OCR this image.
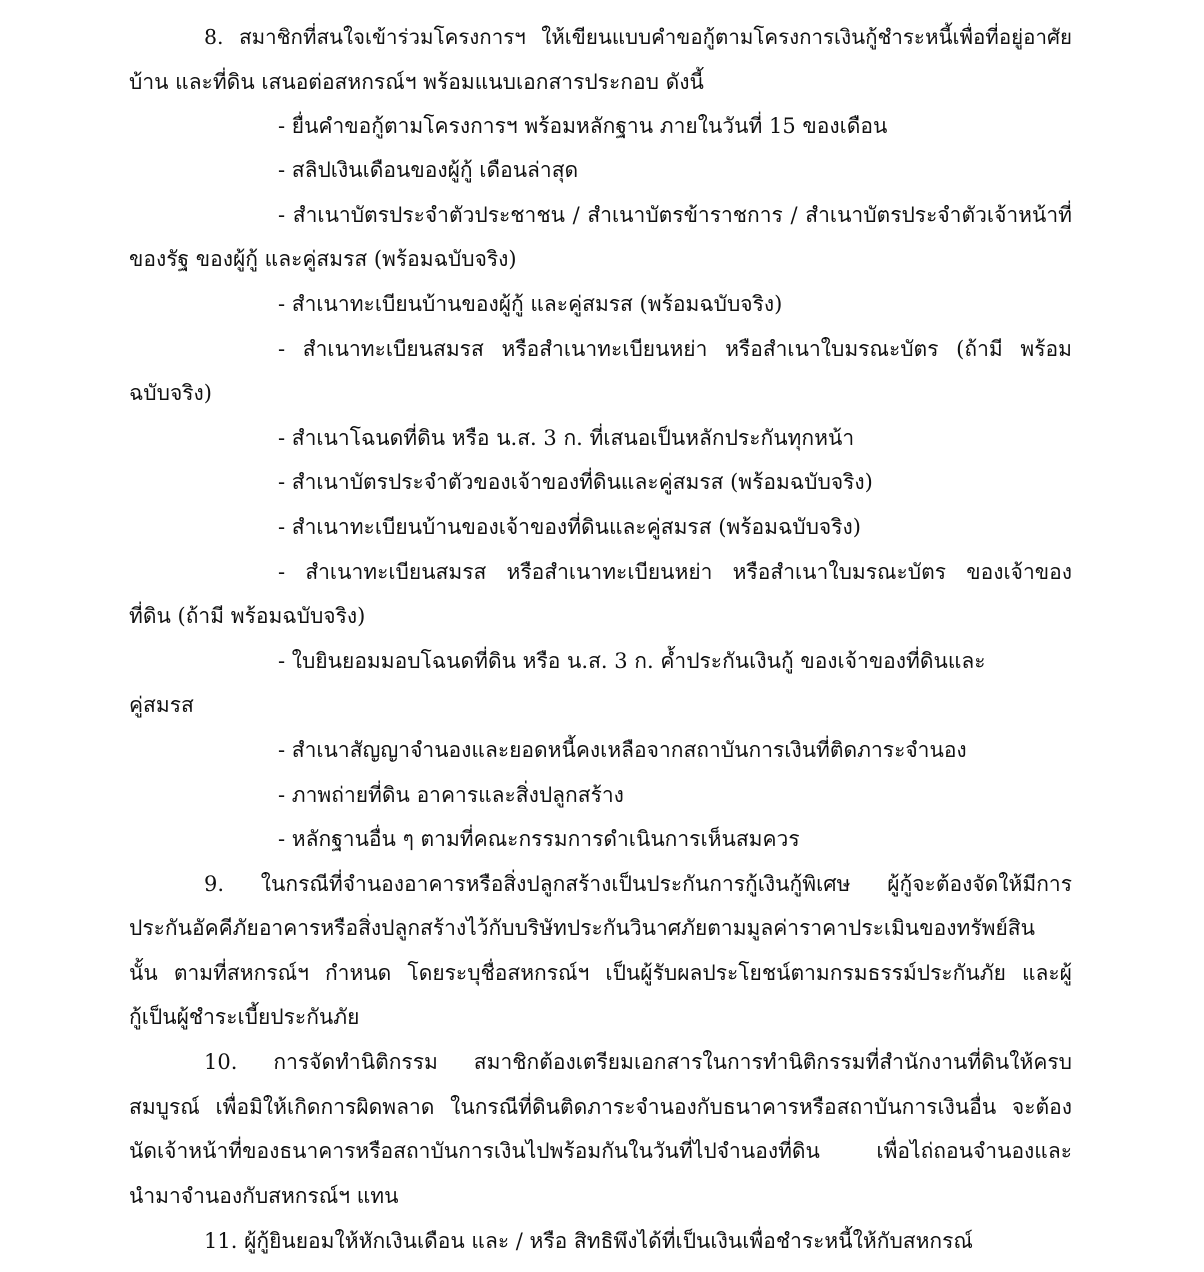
8. สมาชิกที่สนใจเข้าร่วมโครงการฯ ให้เขียนแบบคำขอกู้ตามโครงการเงินกู้ชำระหนี้เพื่อที่อยู่อาศัย
บ้าน และที่ดิน เสนอต่อสหกรณ์ฯ พร้อมแนบเอกสารประกอบ ดังนี้
- ยื่นคำขอกู้ตามโครงการฯ พร้อมหลักฐาน ภายในวันที่ 15 ของเดือน
- สลิปเงินเดือนของผู้กู้ เดือนล่าสุด
- สำเนาบัตรประจำตัวประชาชน / สำเนาบัตรข้าราชการ / สำเนาบัตรประจำตัวเจ้าหน้าที่
ของรัฐ ของผู้กู้ และคู่สมรส (พร้อมฉบับจริง)
- สำเนาทะเบียนบ้านของผู้กู้ และคู่สมรส (พร้อมฉบับจริง)
- สำเนาทะเบียนสมรส หรือสำเนาทะเบียนหย่า หรือสำเนาใบมรณะบัตร (ถ้ามี พร้อม
ฉบับจริง)
- สำเนาโฉนดที่ดิน หรือ น.ส. 3 ก. ที่เสนอเป็นหลักประกันทุกหน้า
- สำเนาบัตรประจำตัวของเจ้าของที่ดินและคู่สมรส (พร้อมฉบับจริง)
- สำเนาทะเบียนบ้านของเจ้าของที่ดินและคู่สมรส (พร้อมฉบับจริง)
- สำเนาทะเบียนสมรส หรือสำเนาทะเบียนหย่า หรือสำเนาใบมรณะบัตร ของเจ้าของ
ที่ดิน (ถ้ามี พร้อมฉบับจริง)
- ใบยินยอมมอบโฉนดที่ดิน หรือ น.ส. 3 ก. ค้ำประกันเงินกู้ ของเจ้าของที่ดินและ
คู่สมรส
- สำเนาสัญญาจำนองและยอดหนี้คงเหลือจากสถาบันการเงินที่ติดภาระจำนอง
- ภาพถ่ายที่ดิน อาคารและสิ่งปลูกสร้าง
- หลักฐานอื่น ๆ ตามที่คณะกรรมการดำเนินการเห็นสมควร
9. ในกรณีที่จำนองอาคารหรือสิ่งปลูกสร้างเป็นประกันการกู้เงินกู้พิเศษ ผู้กู้จะต้องจัดให้มีการ
ประกันอัคคีภัยอาคารหรือสิ่งปลูกสร้างไว้กับบริษัทประกันวินาศภัยตามมูลค่าราคาประเมินของทรัพย์สิน
นั้น ตามที่สหกรณ์ฯ กำหนด โดยระบุชื่อสหกรณ์ฯ เป็นผู้รับผลประโยชน์ตามกรมธรรม์ประกันภัย และผู้
กู้เป็นผู้ชำระเบี้ยประกันภัย
10. การจัดทำนิติกรรม สมาชิกต้องเตรียมเอกสารในการทำนิติกรรมที่สำนักงานที่ดินให้ครบ
สมบูรณ์ เพื่อมิให้เกิดการผิดพลาด ในกรณีที่ดินติดภาระจำนองกับธนาคารหรือสถาบันการเงินอื่น จะต้อง
นัดเจ้าหน้าที่ของธนาคารหรือสถาบันการเงินไปพร้อมกันในวันที่ไปจำนองที่ดิน เพื่อไถ่ถอนจำนองและ
นำมาจำนองกับสหกรณ์ฯ แทน
11. ผู้กู้ยินยอมให้หักเงินเดือน และ / หรือ สิทธิพึงได้ที่เป็นเงินเพื่อชำระหนี้ให้กับสหกรณ์
